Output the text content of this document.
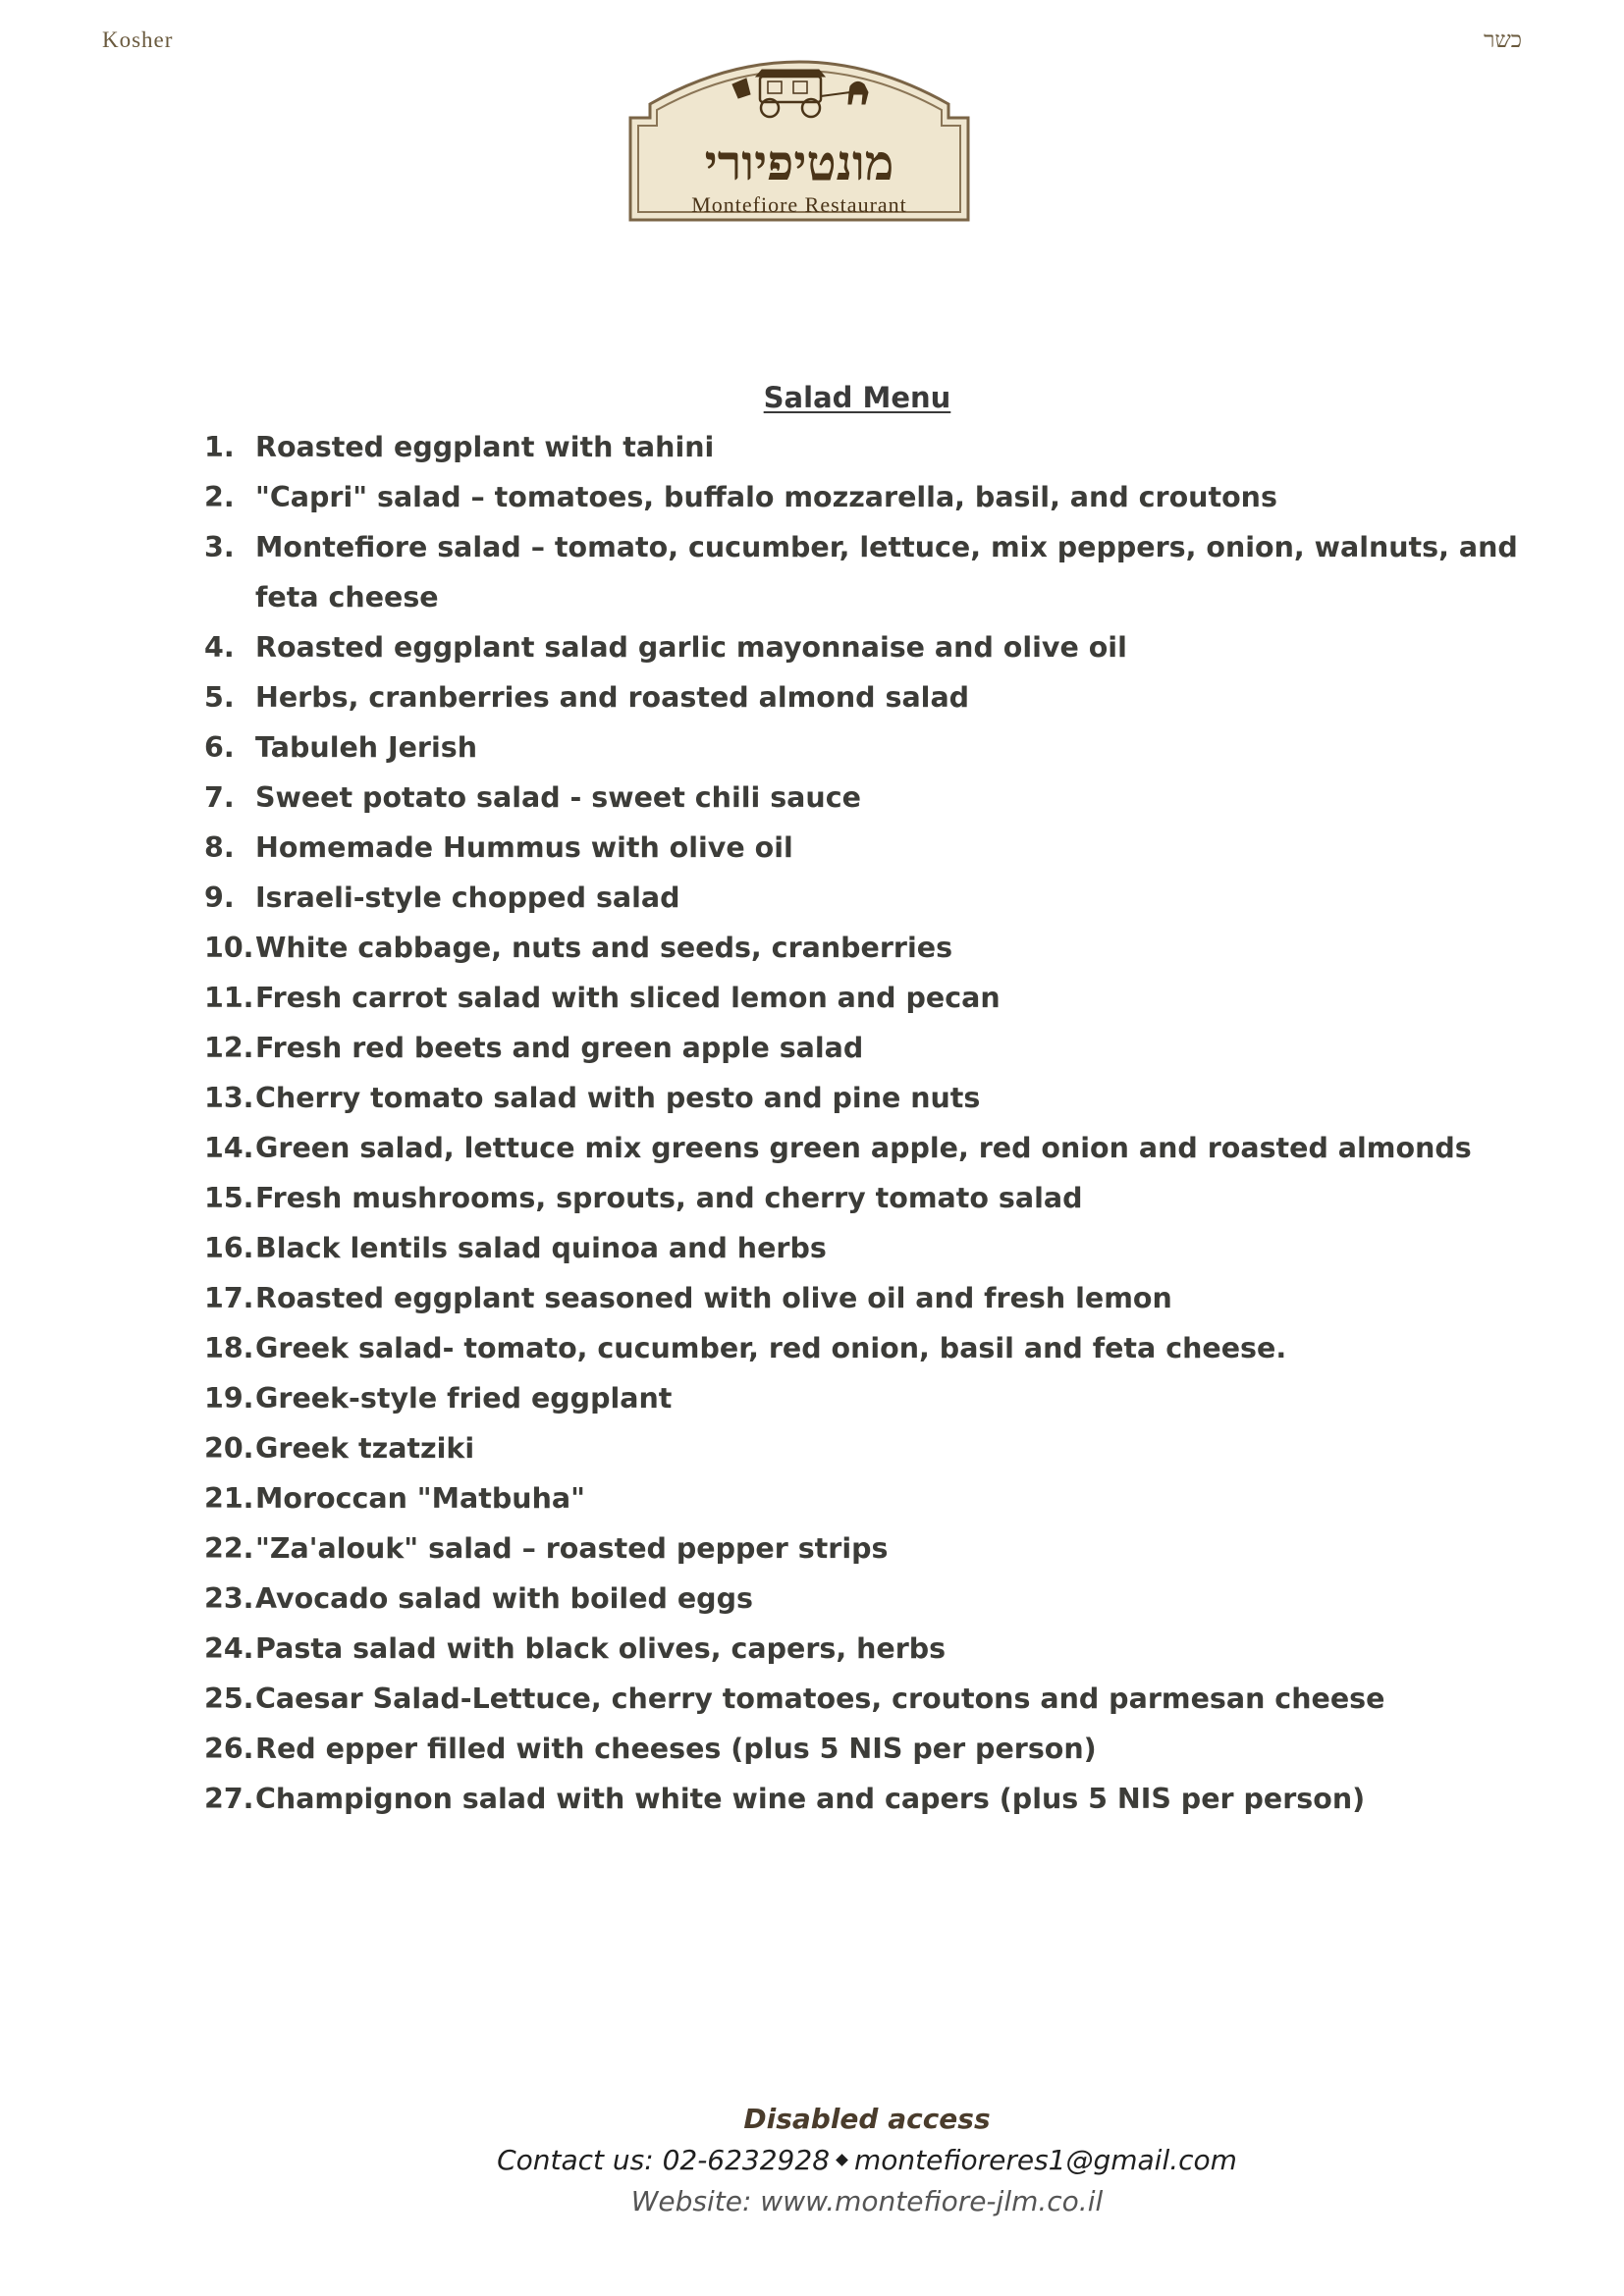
Kosher	כשר
מונטיפיורי
Montefiore Restaurant
Salad Menu
1. Roasted eggplant with tahini
2. "Capri" salad – tomatoes, buffalo mozzarella, basil, and croutons
3. Montefiore salad – tomato, cucumber, lettuce, mix peppers, onion, walnuts, and feta cheese
4. Roasted eggplant salad garlic mayonnaise and olive oil
5. Herbs, cranberries and roasted almond salad
6. Tabuleh Jerish
7. Sweet potato salad - sweet chili sauce
8. Homemade Hummus with olive oil
9. Israeli-style chopped salad
10. White cabbage, nuts and seeds, cranberries
11. Fresh carrot salad with sliced lemon and pecan
12. Fresh red beets and green apple salad
13. Cherry tomato salad with pesto and pine nuts
14. Green salad, lettuce mix greens green apple, red onion and roasted almonds
15. Fresh mushrooms, sprouts, and cherry tomato salad
16. Black lentils salad quinoa and herbs
17. Roasted eggplant seasoned with olive oil and fresh lemon
18. Greek salad- tomato, cucumber, red onion, basil and feta cheese.
19. Greek-style fried eggplant
20. Greek tzatziki
21. Moroccan "Matbuha"
22. "Za'alouk" salad – roasted pepper strips
23. Avocado salad with boiled eggs
24. Pasta salad with black olives, capers, herbs
25. Caesar Salad-Lettuce, cherry tomatoes, croutons and parmesan cheese
26. Red epper filled with cheeses (plus 5 NIS per person)
27. Champignon salad with white wine and capers (plus 5 NIS per person)
Disabled access
Contact us: 02-6232928 montefioreres1@gmail.com
Website: www.montefiore-jlm.co.il
